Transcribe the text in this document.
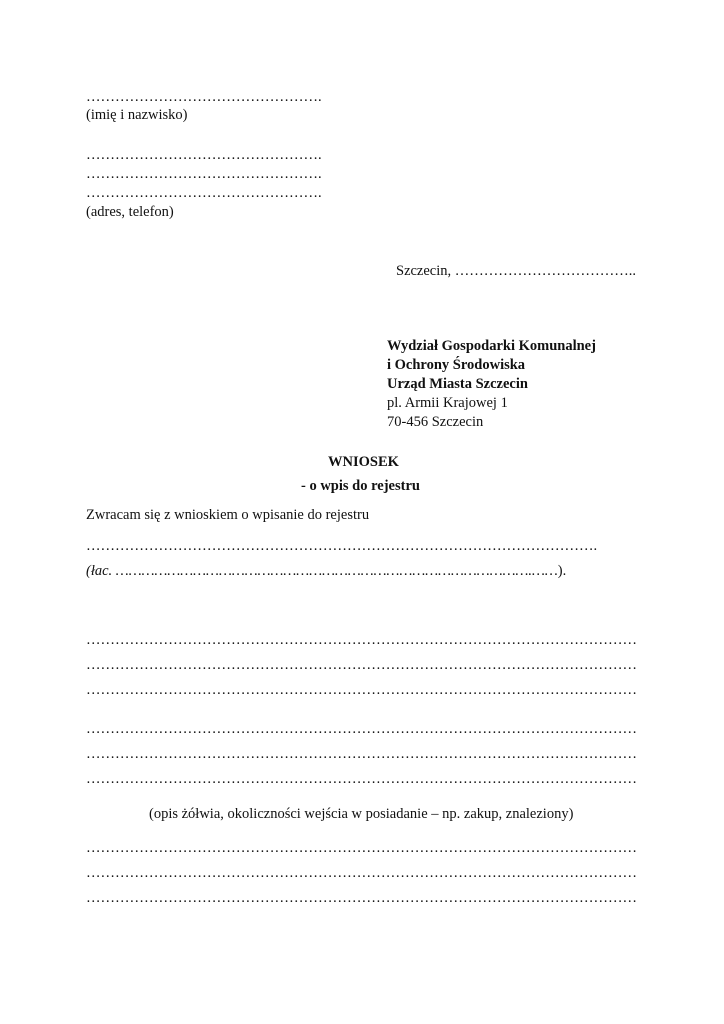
………………………………………….
(imię i nazwisko)
………………………………………….
………………………………………….
………………………………………….
(adres, telefon)
Szczecin, ………………………………..
Wydział Gospodarki Komunalnej
i Ochrony Środowiska
Urząd Miasta Szczecin
pl. Armii Krajowej 1
70-456 Szczecin
WNIOSEK
- o wpis do rejestru
Zwracam się z wnioskiem o wpisanie do rejestru
…………………………………………………………………………………………….
(łac. …………………………………………………………………………………….……).
……………………………………………………………………………………………………
……………………………………………………………………………………………………
……………………………………………………………………………………………………
……………………………………………………………………………………………………
……………………………………………………………………………………………………
……………………………………………………………………………………………………
(opis żółwia, okoliczności wejścia w posiadanie – np. zakup, znaleziony)
……………………………………………………………………………………………………
……………………………………………………………………………………………………
……………………………………………………………………………………………………
